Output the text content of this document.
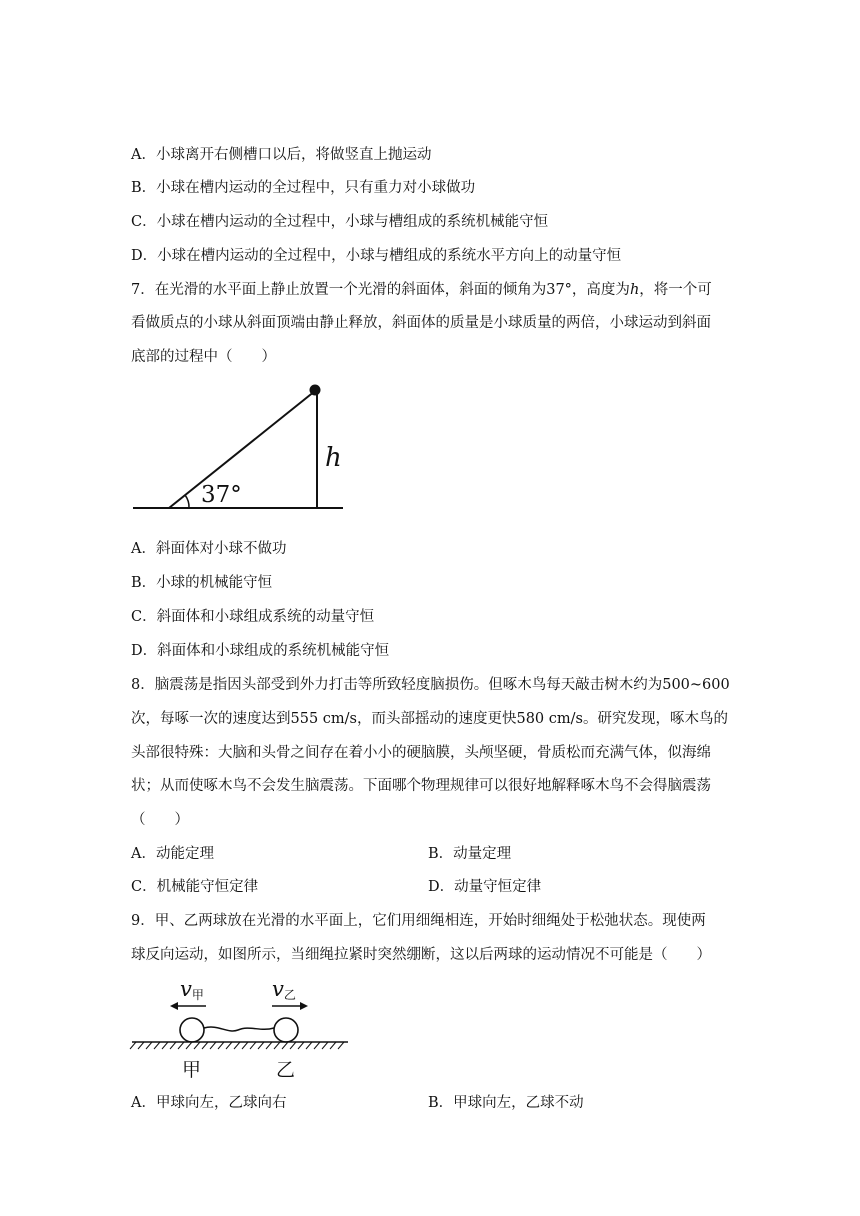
A．小球离开右侧槽口以后，将做竖直上抛运动
B．小球在槽内运动的全过程中，只有重力对小球做功
C．小球在槽内运动的全过程中，小球与槽组成的系统机械能守恒
D．小球在槽内运动的全过程中，小球与槽组成的系统水平方向上的动量守恒
7．在光滑的水平面上静止放置一个光滑的斜面体，斜面的倾角为37°，高度为h，将一个可
看做质点的小球从斜面顶端由静止释放，斜面体的质量是小球质量的两倍，小球运动到斜面
底部的过程中（　　）
37°
h
A．斜面体对小球不做功
B．小球的机械能守恒
C．斜面体和小球组成系统的动量守恒
D．斜面体和小球组成的系统机械能守恒
8．脑震荡是指因头部受到外力打击等所致轻度脑损伤。但啄木鸟每天敲击树木约为500~600
次，每啄一次的速度达到555 cm/s，而头部摇动的速度更快580 cm/s。研究发现，啄木鸟的
头部很特殊：大脑和头骨之间存在着小小的硬脑膜，头颅坚硬，骨质松而充满气体，似海绵
状；从而使啄木鸟不会发生脑震荡。下面哪个物理规律可以很好地解释啄木鸟不会得脑震荡
（　　）
A．动能定理	B．动量定理
C．机械能守恒定律	D．动量守恒定律
9．甲、乙两球放在光滑的水平面上，它们用细绳相连，开始时细绳处于松弛状态。现使两
球反向运动，如图所示，当细绳拉紧时突然绷断，这以后两球的运动情况不可能是（　　）
v甲	v乙
甲	乙
A．甲球向左，乙球向右	B．甲球向左，乙球不动
